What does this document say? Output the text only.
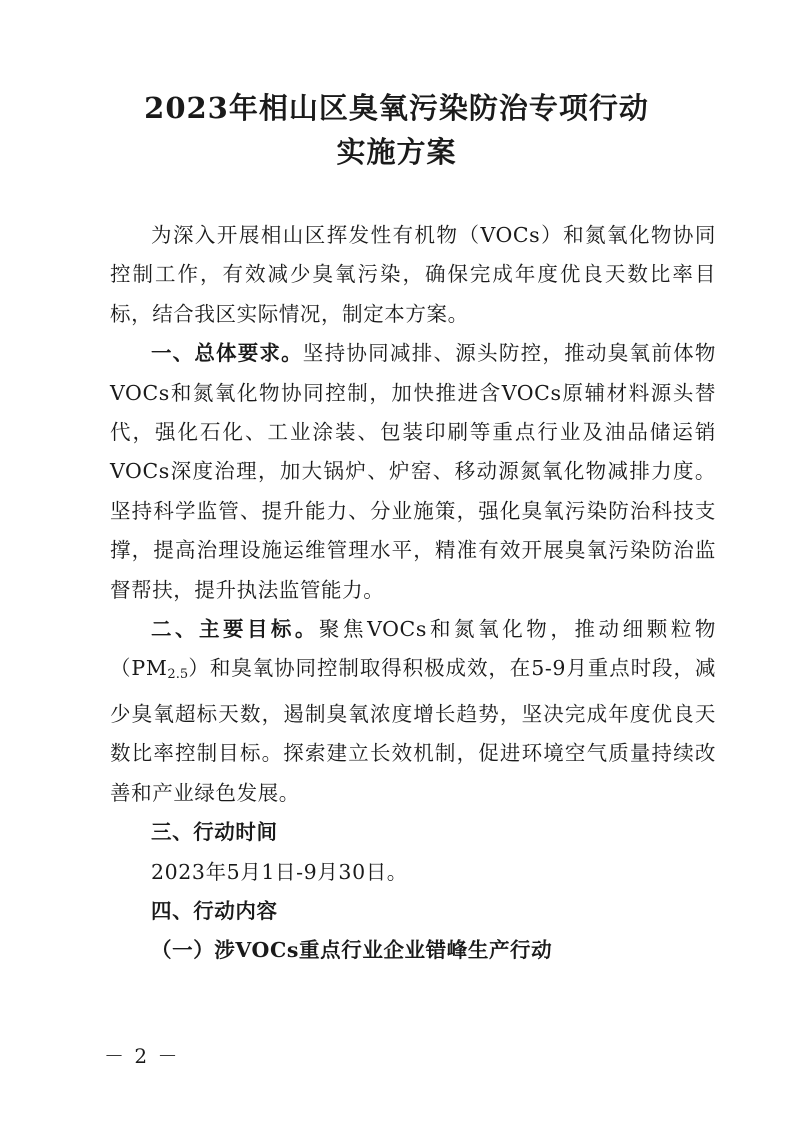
2023年相山区臭氧污染防治专项行动
实施方案

为深入开展相山区挥发性有机物（VOCs）和氮氧化物协同控制工作，有效减少臭氧污染，确保完成年度优良天数比率目标，结合我区实际情况，制定本方案。

一、总体要求。坚持协同减排、源头防控，推动臭氧前体物VOCs和氮氧化物协同控制，加快推进含VOCs原辅材料源头替代，强化石化、工业涂装、包装印刷等重点行业及油品储运销VOCs深度治理，加大锅炉、炉窑、移动源氮氧化物减排力度。坚持科学监管、提升能力、分业施策，强化臭氧污染防治科技支撑，提高治理设施运维管理水平，精准有效开展臭氧污染防治监督帮扶，提升执法监管能力。

二、主要目标。聚焦VOCs和氮氧化物，推动细颗粒物$(PM_{2.5})$和臭氧协同控制取得积极成效，在5-9月重点时段，减少臭氧超标天数，遏制臭氧浓度增长趋势，坚决完成年度优良天数比率控制目标。探索建立长效机制，促进环境空气质量持续改善和产业绿色发展。

三、行动时间

2023年5月1日-9月30日。

四、行动内容

（一）涉VOCs重点行业企业错峰生产行动

－ 2 －
